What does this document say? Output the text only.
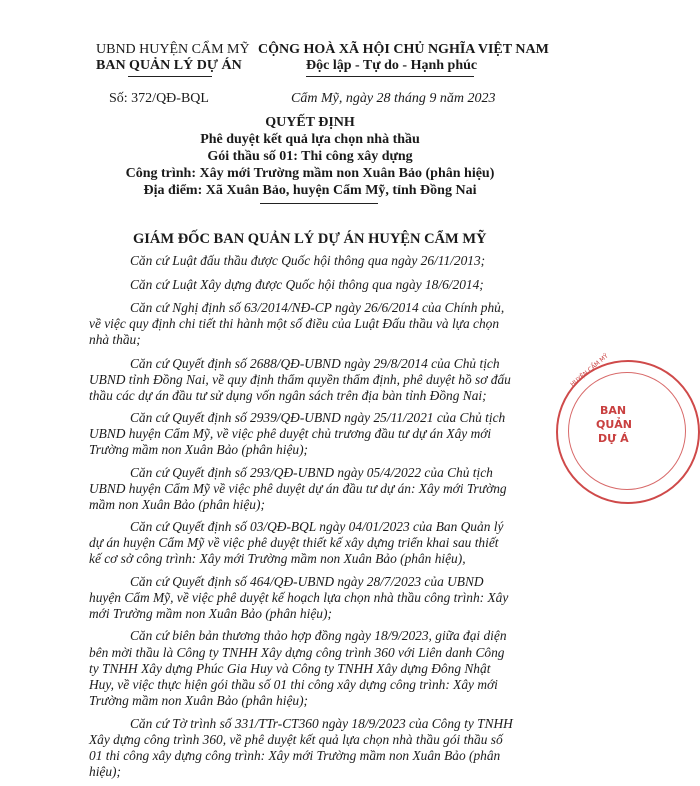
UBND HUYỆN CẨM MỸ
BAN QUẢN LÝ DỰ ÁN
Số: 372/QĐ-BQL
CỘNG HOÀ XÃ HỘI CHỦ NGHĨA VIỆT NAM
Độc lập - Tự do - Hạnh phúc
Cẩm Mỹ, ngày 28 tháng 9 năm 2023
QUYẾT ĐỊNH
Phê duyệt kết quả lựa chọn nhà thầu
Gói thầu số 01: Thi công xây dựng
Công trình: Xây mới Trường mầm non Xuân Bảo (phân hiệu)
Địa điểm: Xã Xuân Bảo, huyện Cẩm Mỹ, tỉnh Đồng Nai
GIÁM ĐỐC BAN QUẢN LÝ DỰ ÁN HUYỆN CẨM MỸ
Căn cứ Luật đấu thầu được Quốc hội thông qua ngày 26/11/2013;
Căn cứ Luật Xây dựng được Quốc hội thông qua ngày 18/6/2014;
Căn cứ Nghị định số 63/2014/NĐ-CP ngày 26/6/2014 của Chính phủ,
về việc quy định chi tiết thi hành một số điều của Luật Đấu thầu và lựa chọn
nhà thầu;
Căn cứ Quyết định số 2688/QĐ-UBND ngày 29/8/2014 của Chủ tịch
UBND tỉnh Đồng Nai, về quy định thẩm quyền thẩm định, phê duyệt hồ sơ đấu
thầu các dự án đầu tư sử dụng vốn ngân sách trên địa bàn tỉnh Đồng Nai;
Căn cứ Quyết định số 2939/QĐ-UBND ngày 25/11/2021 của Chủ tịch
UBND huyện Cẩm Mỹ, về việc phê duyệt chủ trương đầu tư dự án Xây mới
Trường mầm non Xuân Bảo (phân hiệu);
Căn cứ Quyết định số 293/QĐ-UBND ngày 05/4/2022 của Chủ tịch
UBND huyện Cẩm Mỹ về việc phê duyệt dự án đầu tư dự án: Xây mới Trường
mầm non Xuân Bảo (phân hiệu);
Căn cứ Quyết định số 03/QĐ-BQL ngày 04/01/2023 của Ban Quản lý
dự án huyện Cẩm Mỹ về việc phê duyệt thiết kế xây dựng triển khai sau thiết
kế cơ sở công trình: Xây mới Trường mầm non Xuân Bảo (phân hiệu),
Căn cứ Quyết định số 464/QĐ-UBND ngày 28/7/2023 của UBND
huyện Cẩm Mỹ, về việc phê duyệt kế hoạch lựa chọn nhà thầu công trình: Xây
mới Trường mầm non Xuân Bảo (phân hiệu);
Căn cứ biên bản thương thảo hợp đồng ngày 18/9/2023, giữa đại diện
bên mời thầu là Công ty TNHH Xây dựng công trình 360 với Liên danh Công
ty TNHH Xây dựng Phúc Gia Huy và Công ty TNHH Xây dựng Đông Nhật
Huy, về việc thực hiện gói thầu số 01 thi công xây dựng công trình: Xây mới
Trường mầm non Xuân Bảo (phân hiệu);
Căn cứ Tờ trình số 331/TTr-CT360 ngày 18/9/2023 của Công ty TNHH
Xây dựng công trình 360, về phê duyệt kết quả lựa chọn nhà thầu gói thầu số
01 thi công xây dựng công trình: Xây mới Trường mầm non Xuân Bảo (phân
hiệu);
BAN
QUẢN
DỰ Á
HUYỆN CẨM MỸ
